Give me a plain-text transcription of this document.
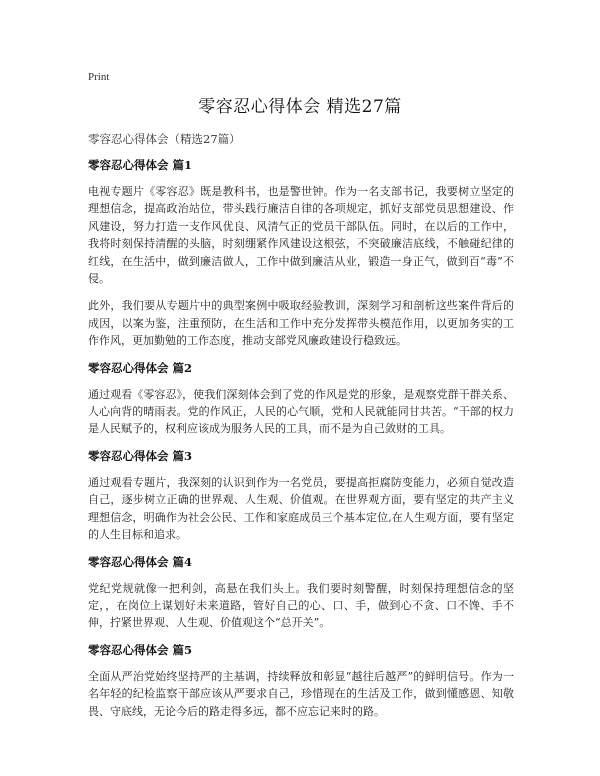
Print
零容忍心得体会 精选27篇
零容忍心得体会（精选27篇）
零容忍心得体会 篇1

电视专题片《零容忍》既是教科书，也是警世钟。作为一名支部书记，我要树立坚定的理想信念，提高政治站位，带头践行廉洁自律的各项规定，抓好支部党员思想建设、作风建设，努力打造一支作风优良、风清气正的党员干部队伍。同时，在以后的工作中，我将时刻保持清醒的头脑，时刻绷紧作风建设这根弦，不突破廉洁底线，不触碰纪律的红线，在生活中，做到廉洁做人，工作中做到廉洁从业，锻造一身正气，做到百“毒”不侵。

此外，我们要从专题片中的典型案例中吸取经验教训，深刻学习和剖析这些案件背后的成因，以案为鉴，注重预防，在生活和工作中充分发挥带头模范作用，以更加务实的工作作风，更加勤勉的工作态度，推动支部党风廉政建设行稳致远。

零容忍心得体会 篇2

通过观看《零容忍》，使我们深刻体会到了党的作风是党的形象，是观察党群干群关系、人心向背的晴雨表。党的作风正，人民的心气顺，党和人民就能同甘共苦。“干部的权力是人民赋予的，权利应该成为服务人民的工具，而不是为自己敛财的工具。

零容忍心得体会 篇3

通过观看专题片，我深刻的认识到作为一名党员，要提高拒腐防变能力，必须自觉改造自己，逐步树立正确的世界观、人生观、价值观。在世界观方面，要有坚定的共产主义理想信念，明确作为社会公民、工作和家庭成员三个基本定位,在人生观方面，要有坚定的人生目标和追求。

零容忍心得体会 篇4

党纪党规就像一把利剑，高悬在我们头上。我们要时刻警醒，时刻保持理想信念的坚定，，在岗位上谋划好未来道路，管好自己的心、口、手，做到心不贪、口不馋、手不伸，拧紧世界观、人生观、价值观这个“总开关”。

零容忍心得体会 篇5

全面从严治党始终坚持严的主基调，持续释放和彰显“越往后越严”的鲜明信号。作为一名年轻的纪检监察干部应该从严要求自己，珍惜现在的生活及工作，做到懂感恩、知敬畏、守底线，无论今后的路走得多远，都不应忘记来时的路。
